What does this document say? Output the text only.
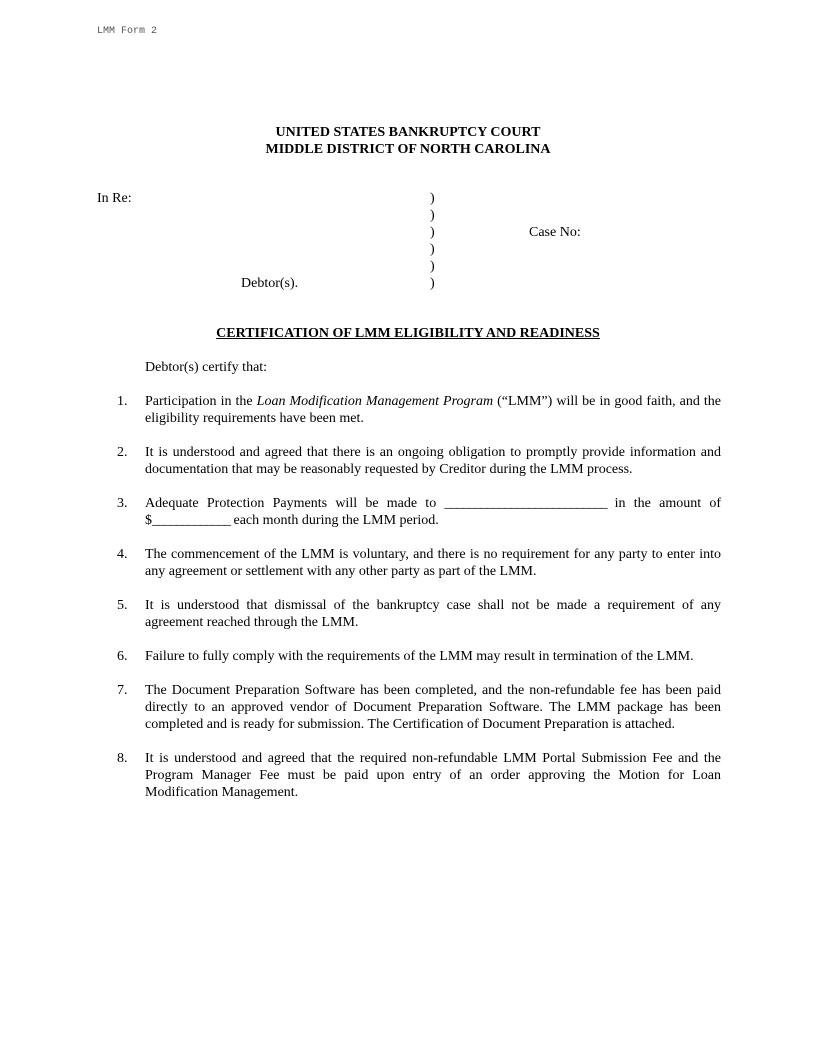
LMM Form 2
UNITED STATES BANKRUPTCY COURT
MIDDLE DISTRICT OF NORTH CAROLINA
In Re:	)
)
)
)
)
)
Case No:
Debtor(s).
CERTIFICATION OF LMM ELIGIBILITY AND READINESS
Debtor(s) certify that:
1. Participation in the Loan Modification Management Program (“LMM”) will be in good faith, and the eligibility requirements have been met.
2. It is understood and agreed that there is an ongoing obligation to promptly provide information and documentation that may be reasonably requested by Creditor during the LMM process.
3. Adequate Protection Payments will be made to ___________________________ in the amount of $_____________ each month during the LMM period.
4. The commencement of the LMM is voluntary, and there is no requirement for any party to enter into any agreement or settlement with any other party as part of the LMM.
5. It is understood that dismissal of the bankruptcy case shall not be made a requirement of any agreement reached through the LMM.
6. Failure to fully comply with the requirements of the LMM may result in termination of the LMM.
7. The Document Preparation Software has been completed, and the non-refundable fee has been paid directly to an approved vendor of Document Preparation Software. The LMM package has been completed and is ready for submission. The Certification of Document Preparation is attached.
8. It is understood and agreed that the required non-refundable LMM Portal Submission Fee and the Program Manager Fee must be paid upon entry of an order approving the Motion for Loan Modification Management.
